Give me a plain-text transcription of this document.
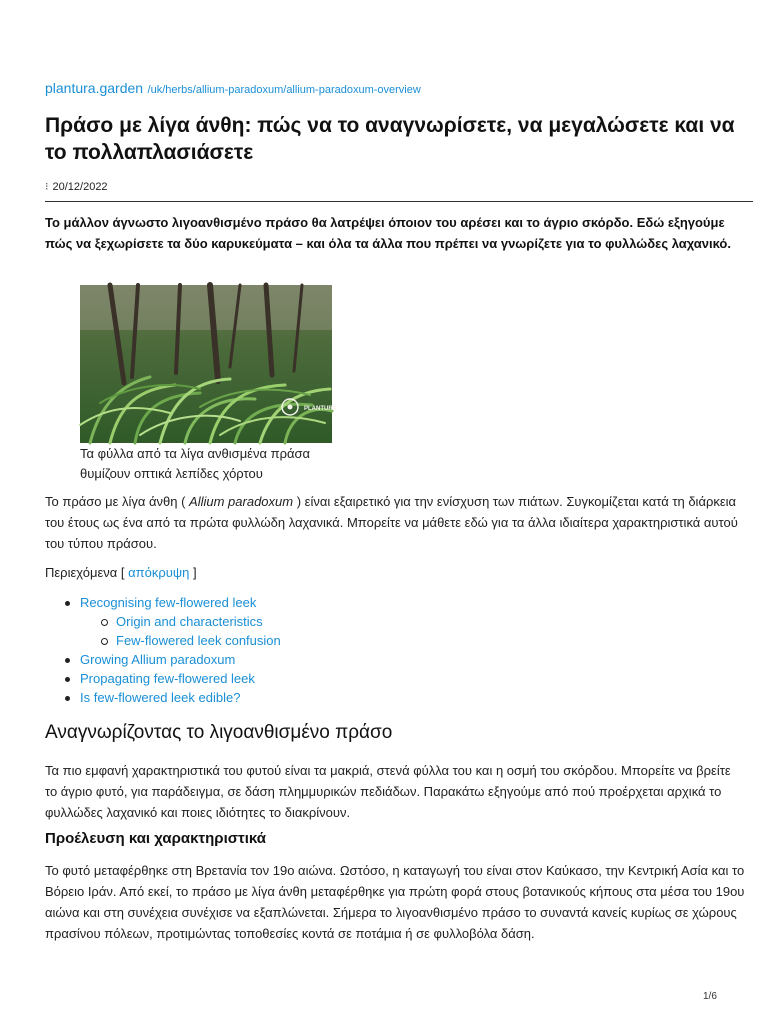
plantura.garden /uk/herbs/allium-paradoxum/allium-paradoxum-overview
Πράσο με λίγα άνθη: πώς να το αναγνωρίσετε, να μεγαλώσετε και να το πολλαπλασιάσετε
⁝ 20/12/2022

Το μάλλον άγνωστο λιγοανθισμένο πράσο θα λατρέψει όποιον του αρέσει και το άγριο σκόρδο. Εδώ εξηγούμε πώς να ξεχωρίσετε τα δύο καρυκεύματα – και όλα τα άλλα που πρέπει να γνωρίζετε για το φυλλώδες λαχανικό.

PLANTURA

Τα φύλλα από τα λίγα ανθισμένα πράσα θυμίζουν οπτικά λεπίδες χόρτου

Το πράσο με λίγα άνθη ( Allium paradoxum ) είναι εξαιρετικό για την ενίσχυση των πιάτων. Συγκομίζεται κατά τη διάρκεια του έτους ως ένα από τα πρώτα φυλλώδη λαχανικά. Μπορείτε να μάθετε εδώ για τα άλλα ιδιαίτερα χαρακτηριστικά αυτού του τύπου πράσου.

Περιεχόμενα [ απόκρυψη ]
Recognising few-flowered leek
Origin and characteristics
Few-flowered leek confusion
Growing Allium paradoxum
Propagating few-flowered leek
Is few-flowered leek edible?
Αναγνωρίζοντας το λιγοανθισμένο πράσο

Τα πιο εμφανή χαρακτηριστικά του φυτού είναι τα μακριά, στενά φύλλα του και η οσμή του σκόρδου. Μπορείτε να βρείτε το άγριο φυτό, για παράδειγμα, σε δάση πλημμυρικών πεδιάδων. Παρακάτω εξηγούμε από πού προέρχεται αρχικά το φυλλώδες λαχανικό και ποιες ιδιότητες το διακρίνουν.

Προέλευση και χαρακτηριστικά

Το φυτό μεταφέρθηκε στη Βρετανία τον 19ο αιώνα. Ωστόσο, η καταγωγή του είναι στον Καύκασο, την Κεντρική Ασία και το Βόρειο Ιράν. Από εκεί, το πράσο με λίγα άνθη μεταφέρθηκε για πρώτη φορά στους βοτανικούς κήπους στα μέσα του 19ου αιώνα και στη συνέχεια συνέχισε να εξαπλώνεται. Σήμερα το λιγοανθισμένο πράσο το συναντά κανείς κυρίως σε χώρους πρασίνου πόλεων, προτιμώντας τοποθεσίες κοντά σε ποτάμια ή σε φυλλοβόλα δάση.

1/6
